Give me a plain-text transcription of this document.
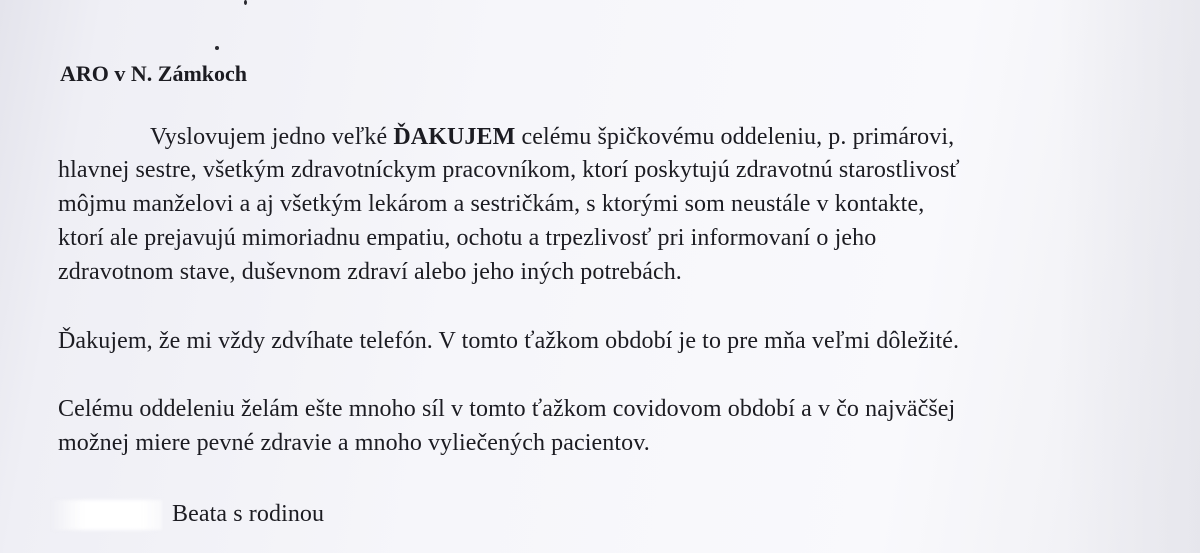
ARO v N. Zámkoch
Vyslovujem jedno veľké ĎAKUJEM celému špičkovému oddeleniu, p. primárovi,
hlavnej sestre, všetkým zdravotníckym pracovníkom, ktorí poskytujú zdravotnú starostlivosť
môjmu manželovi a aj všetkým lekárom a sestričkám, s ktorými som neustále v kontakte,
ktorí ale prejavujú mimoriadnu empatiu, ochotu a trpezlivosť pri informovaní o jeho
zdravotnom stave, duševnom zdraví alebo jeho iných potrebách.
Ďakujem, že mi vždy zdvíhate telefón. V tomto ťažkom období je to pre mňa veľmi dôležité.
Celému oddeleniu želám ešte mnoho síl v tomto ťažkom covidovom období a v čo najväčšej
možnej miere pevné zdravie a mnoho vyliečených pacientov.
Beata s rodinou
